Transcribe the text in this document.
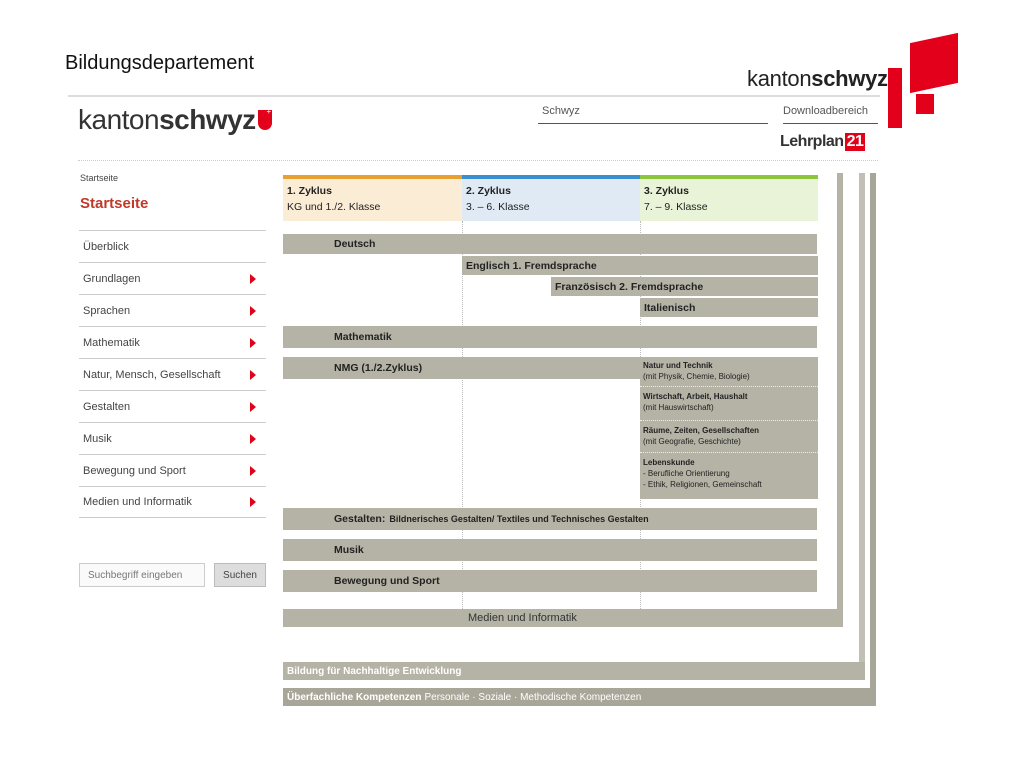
Bildungsdepartement
kantonschwyz+
kantonschwyz+	Schwyz	Downloadbereich
Lehrplan 21
Startseite
Startseite
Überblick
Grundlagen
Sprachen
Mathematik
Natur, Mensch, Gesellschaft
Gestalten
Musik
Bewegung und Sport
Medien und Informatik
Suchbegriff eingeben	Suchen
1. Zyklus
KG und 1./2. Klasse
2. Zyklus
3. – 6. Klasse
3. Zyklus
7. – 9. Klasse
Deutsch
Englisch 1. Fremdsprache
Französisch 2. Fremdsprache
Italienisch
Mathematik
NMG (1./2.Zyklus)	Natur und Technik
(mit Physik, Chemie, Biologie)
Wirtschaft, Arbeit, Haushalt
(mit Hauswirtschaft)
Räume, Zeiten, Gesellschaften
(mit Geografie, Geschichte)
Lebenskunde
- Berufliche Orientierung
- Ethik, Religionen, Gemeinschaft
Gestalten: Bildnerisches Gestalten/ Textiles und Technisches Gestalten
Musik
Bewegung und Sport
Medien und Informatik
Bildung für Nachhaltige Entwicklung
Überfachliche Kompetenzen Personale · Soziale · Methodische Kompetenzen
